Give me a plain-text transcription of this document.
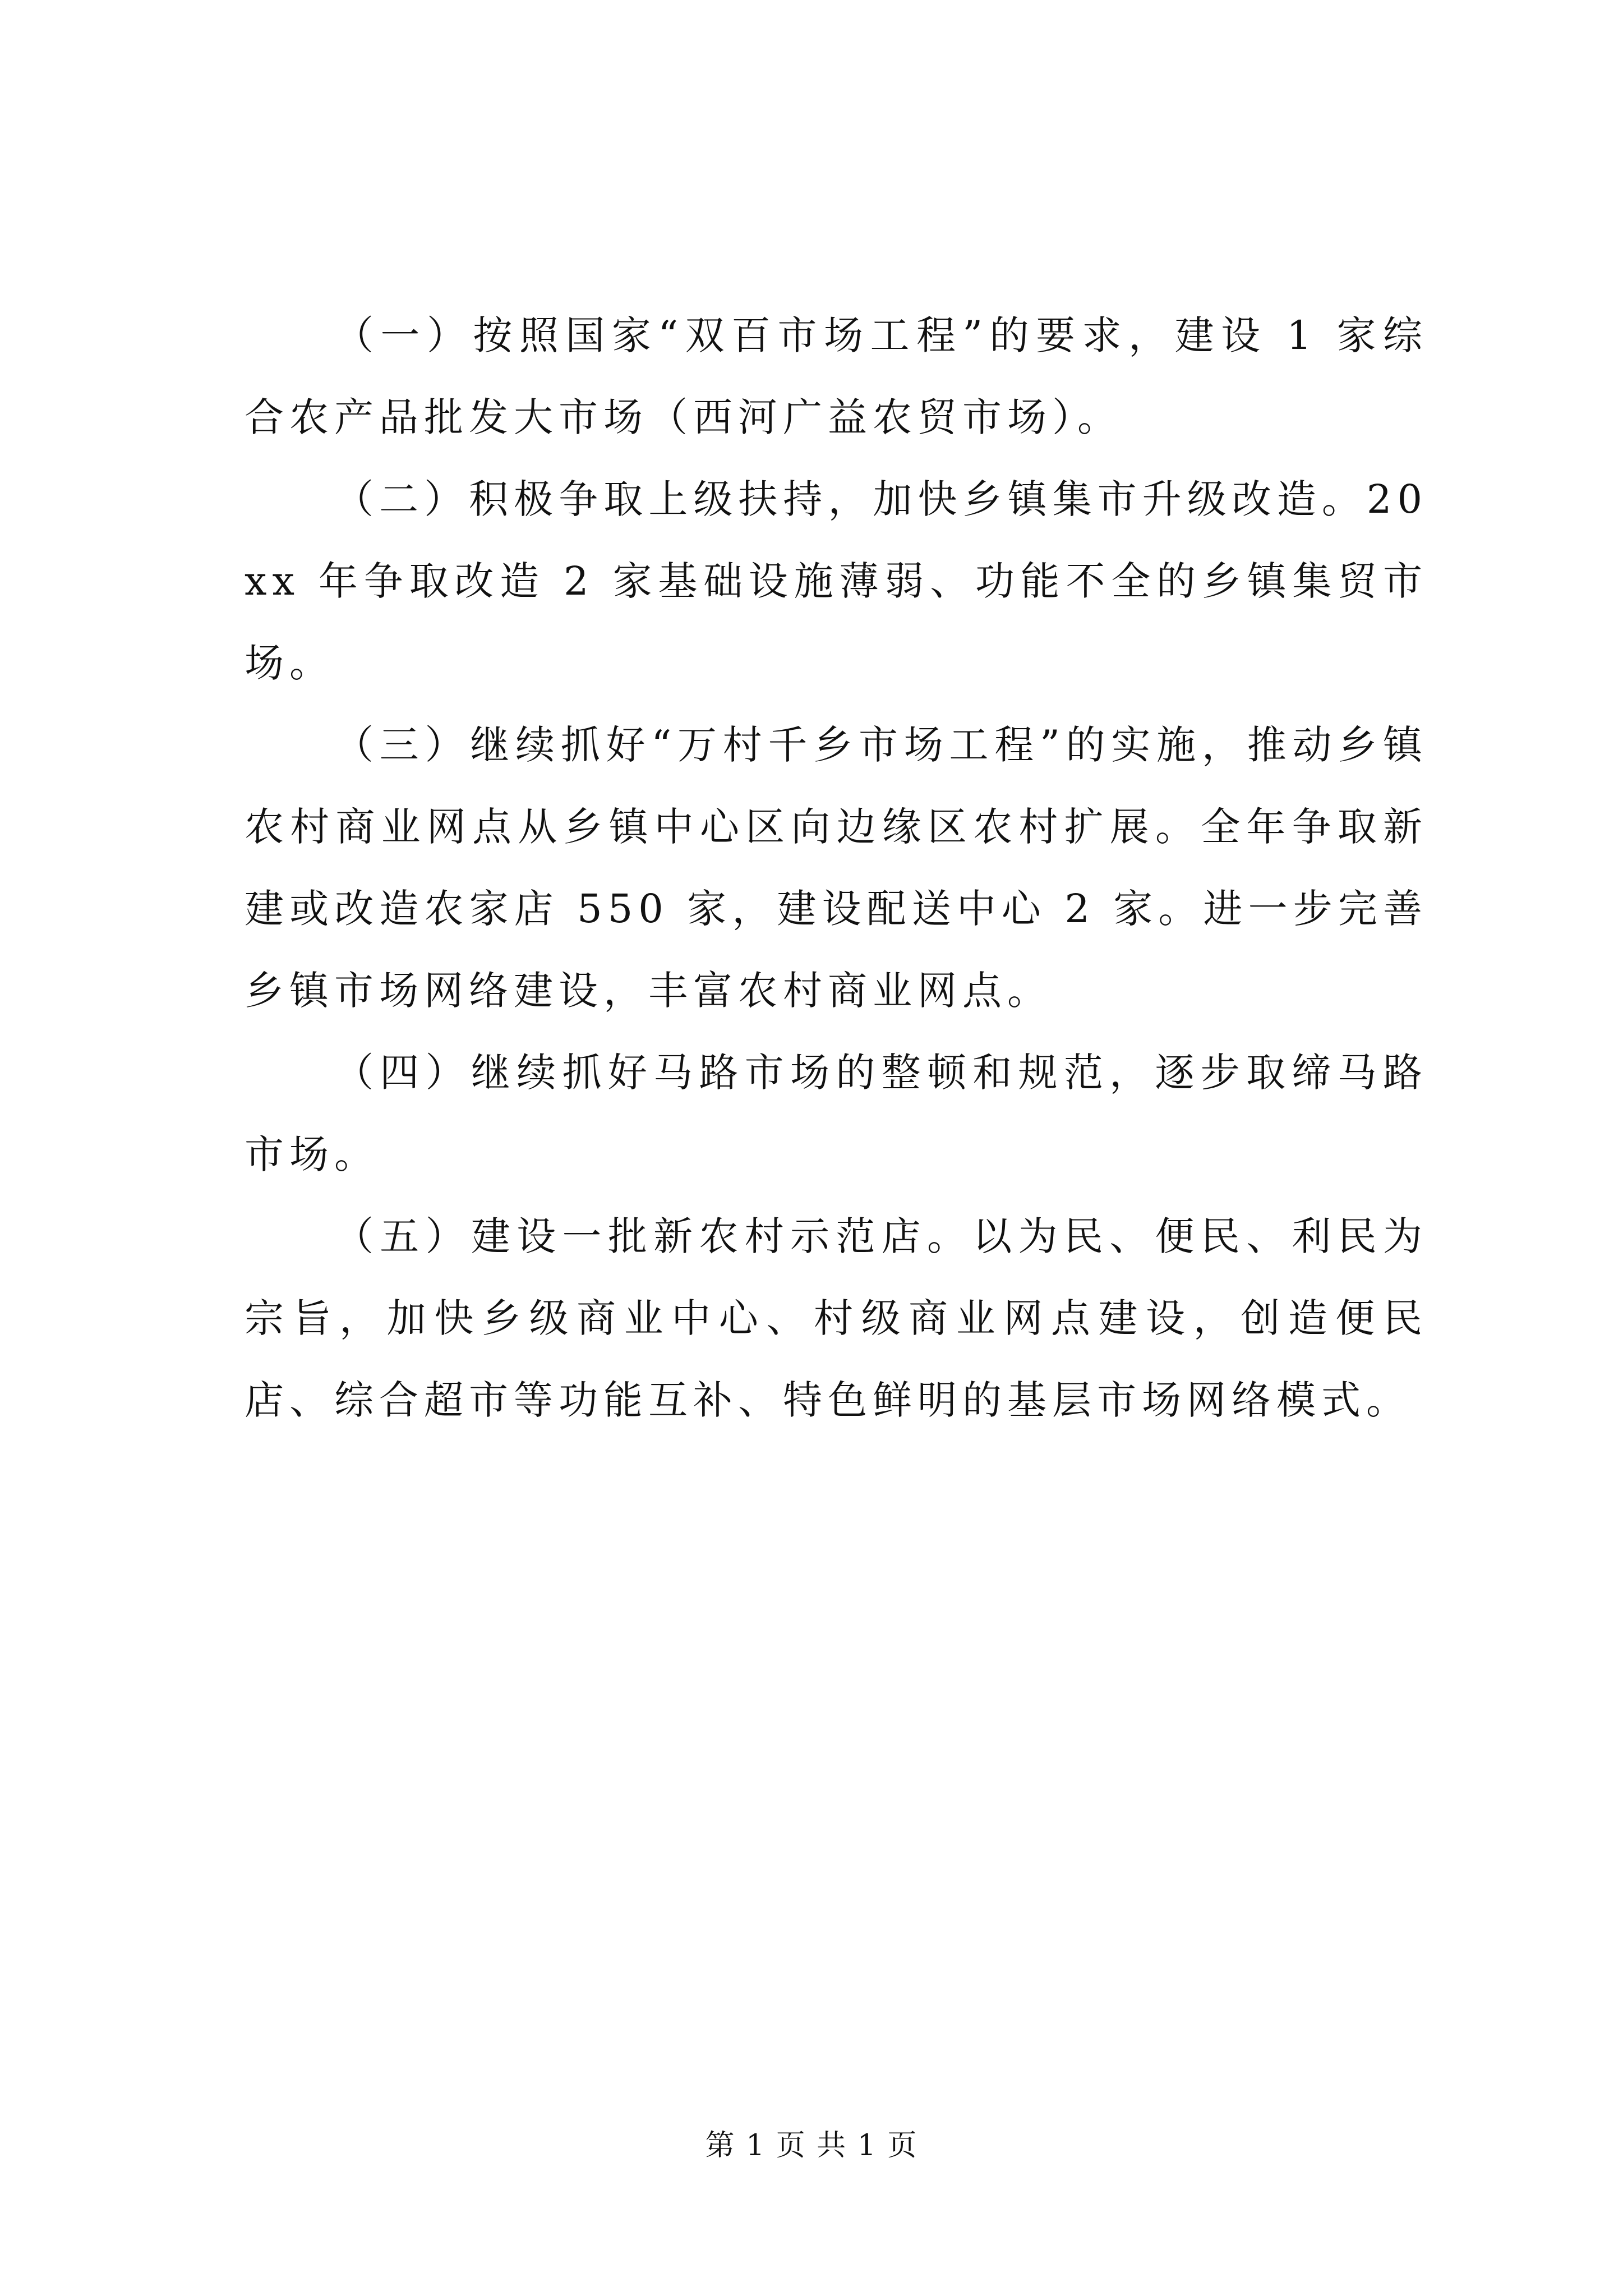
（一）按照国家“双百市场工程”的要求，建设 1 家综合农产品批发大市场（西河广益农贸市场）。

（二）积极争取上级扶持，加快乡镇集市升级改造。20xx 年争取改造 2 家基础设施薄弱、功能不全的乡镇集贸市场。

（三）继续抓好“万村千乡市场工程”的实施，推动乡镇农村商业网点从乡镇中心区向边缘区农村扩展。全年争取新建或改造农家店 550 家，建设配送中心 2 家。进一步完善乡镇市场网络建设，丰富农村商业网点。

（四）继续抓好马路市场的整顿和规范，逐步取缔马路市场。

（五）建设一批新农村示范店。以为民、便民、利民为宗旨，加快乡级商业中心、村级商业网点建设，创造便民店、综合超市等功能互补、特色鲜明的基层市场网络模式。

第 1 页 共 1 页
